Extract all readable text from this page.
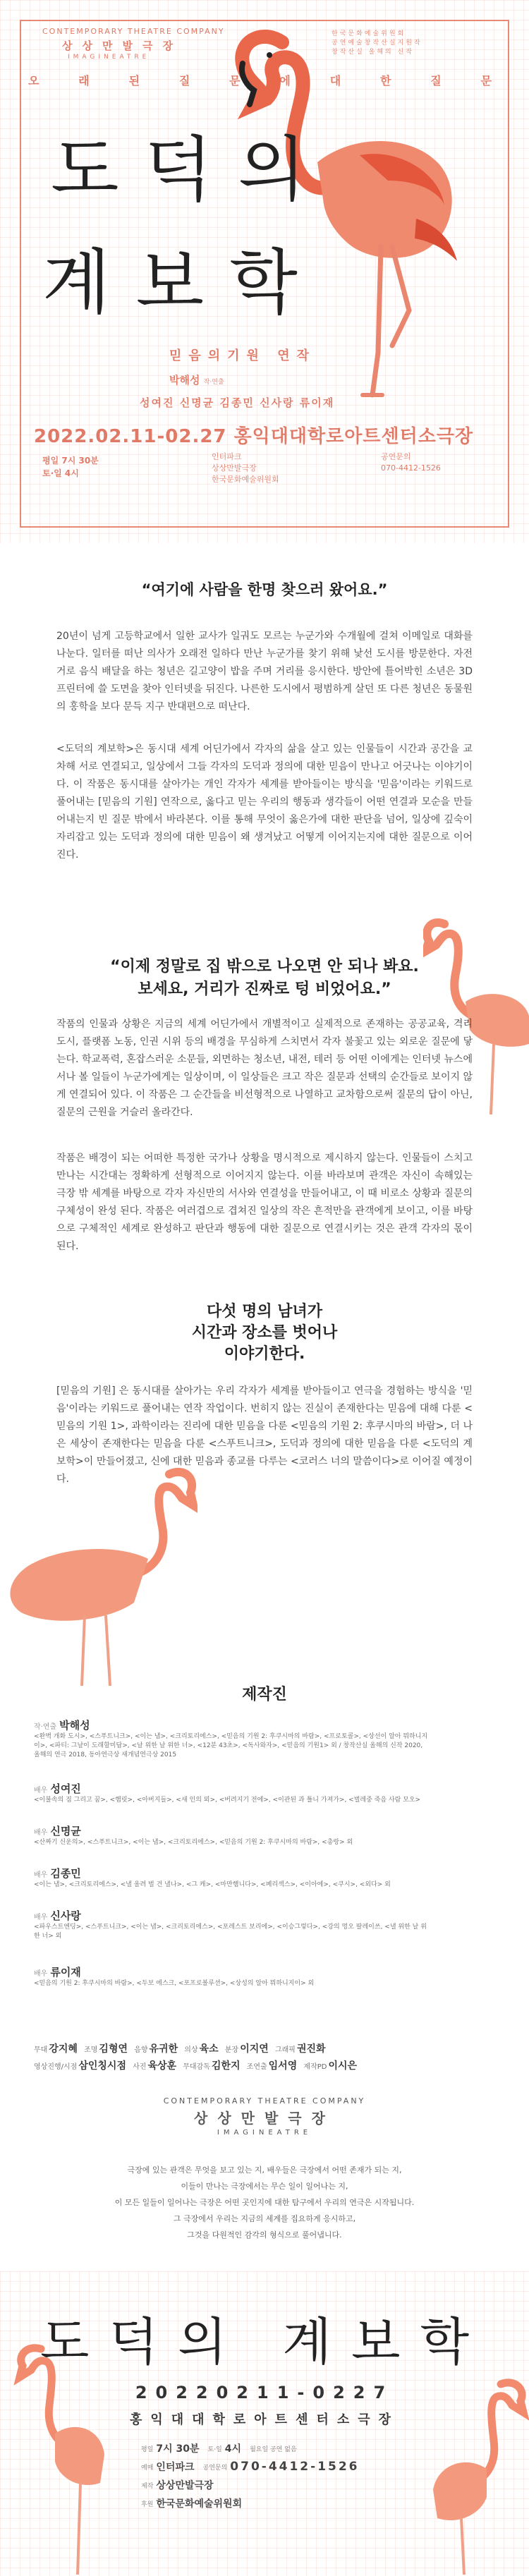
CONTEMPORARY THEATRE COMPANY
상상만발극장
IMAGINEATRE
한국문화예술위원회
공연예술창작산실지원작
창작산실 올해의 신작
오	래	된	질	문	에	대	한	질	문
도덕의
계보학
믿음의기원 연작
박해성 작·연출
성여진 신명균 김종민 신사랑 류이재
2022.02.11-02.27 홍익대대학로아트센터소극장
평일 7시 30분
토·일 4시
인터파크
상상만발극장
한국문화예술위원회
공연문의
070-4412-1526
“여기에 사람을 한명 찾으러 왔어요.”

20년이 넘게 고등학교에서 일한 교사가 일궈도 모르는 누군가와 수개월에 걸쳐 이메일로 대화를 나눈다. 일터를 떠난 의사가 오래전 일하다 만난 누군가를 찾기 위해 낯선 도시를 방문한다. 자전거로 음식 배달을 하는 청년은 길고양이 밥을 주며 거리를 응시한다. 방안에 틀어박힌 소년은 3D프린터에 쓸 도면을 찾아 인터넷을 뒤진다. 나른한 도시에서 평범하게 살던 또 다른 청년은 동물원의 홍학을 보다 문득 지구 반대편으로 떠난다.

<도덕의 계보학>은 동시대 세계 어딘가에서 각자의 삶을 살고 있는 인물들이 시간과 공간을 교차해 서로 연결되고, 일상에서 그들 각자의 도덕과 정의에 대한 믿음이 만나고 어긋나는 이야기이다. 이 작품은 동시대를 살아가는 개인 각자가 세계를 받아들이는 방식을 '믿음'이라는 키워드로 풀어내는 [믿음의 기원] 연작으로, 옳다고 믿는 우리의 행동과 생각들이 어떤 연결과 모순을 만들어내는지 빈 질문 밖에서 바라본다. 이를 통해 무엇이 옳은가에 대한 판단을 넘어, 일상에 깊숙이 자리잡고 있는 도덕과 정의에 대한 믿음이 왜 생겨났고 어떻게 이어지는지에 대한 질문으로 이어진다.

“이제 정말로 집 밖으로 나오면 안 되나 봐요.
보세요, 거리가 진짜로 텅 비었어요.”

작품의 인물과 상황은 지금의 세계 어딘가에서 개별적이고 실제적으로 존재하는 공공교육, 격리 도시, 플랫폼 노동, 인권 시위 등의 배경을 무심하게 스치면서 각자 불꽃고 있는 외로운 질문에 닿는다. 학교폭력, 혼잡스러운 소문들, 외면하는 청소년, 내전, 테러 등 어떤 이에게는 인터넷 뉴스에서나 볼 일들이 누군가에게는 일상이며, 이 일상들은 크고 작은 질문과 선택의 순간들로 보이지 않게 연결되어 있다. 이 작품은 그 순간들을 비선형적으로 나열하고 교차함으로써 질문의 답이 아닌, 질문의 근원을 거슬러 올라간다.

작품은 배경이 되는 어떠한 특정한 국가나 상황을 명시적으로 제시하지 않는다. 인물들이 스치고 만나는 시간대는 정확하게 선형적으로 이어지지 않는다. 이를 바라보며 관객은 자신이 속해있는 극장 밖 세계를 바탕으로 각자 자신만의 서사와 연결성을 만들어내고, 이 때 비로소 상황과 질문의 구체성이 완성 된다. 작품은 여러겹으로 겹쳐진 일상의 작은 흔적만을 관객에게 보이고, 이를 바탕으로 구체적인 세계로 완성하고 판단과 행동에 대한 질문으로 연결시키는 것은 관객 각자의 몫이 된다.

다섯 명의 남녀가
시간과 장소를 벗어나
이야기한다.

[믿음의 기원] 은 동시대를 살아가는 우리 각자가 세계를 받아들이고 연극을 경험하는 방식을 '믿음'이라는 키워드로 풀어내는 연작 작업이다. 번히지 않는 진실이 존재한다는 믿음에 대해 다룬 <믿음의 기원 1>, 과학이라는 진리에 대한 믿음을 다룬 <믿음의 기원 2: 후쿠시마의 바람>, 더 나은 세상이 존재한다는 믿음을 다룬 <스푸트니크>, 도덕과 정의에 대한 믿음을 다룬 <도덕의 계보학>이 만들어졌고, 신에 대한 믿음과 종교를 다루는 <코러스 너의 말씀이다>로 이어질 예정이다.

제작진
작·연출 박해성
<완벽 개화 도시>, <스푸트니크>, <이는 냅>, <크리토리에스>, <믿음의 기원 2: 후쿠시마의 바람>, <프로토콜>, <상선이 알아 뭐하니지이>, <파티: 그날이 도래할미답>, <날 위한 날 위한 너>, <12분 43초>, <독사와자>, <믿음의 기원1> 외 / 창작산실 올해의 신작 2020, 올해의 연극 2018, 동아연극상 새개념연극상 2015
배우 성여진
<이불속의 짐 그리고 꿈>, <햄릿>, <아버지들>, <새 인의 뫼>, <버려지기 전에>, <이관된 과 틀니 가져가>, <벌레중 죽음 사람 모오>
배우 신명균
<산짜기 신운의>, <스푸트니크>, <이는 냅>, <크리토리에스>, <믿음의 기원 2: 후쿠시마의 바람>, <총랑> 외
배우 김종민
<이는 냅>, <크리토리에스>, <낼 올려 벌 건 낼나>, <그 캐>, <마만햄니다>, <페리섹스>, <이아에>, <쿠시>, <외다> 외
배우 신사랑
<파우스트엔딩>, <스푸트니크>, <이는 냅>, <크리토리에스>, <포레스트 보리에>, <이승그렇다>, <강의 멍오 팔레이쓰, <낼 위한 날 위한 너> 외
배우 류이재
<믿음의 기원 2: 후쿠시마의 바람>, <두보 에스크, <포프로볼루션>, <상성의 알아 뭐하니지이> 외
무대 강지혜 조명 김형연 음향 유귀한 의상 육소 분장 이지연 그래픽 권진화
영상진행/시점 삼인칭시점 사진 육상훈 무대감독 김한지 조연출 임서영 제작PD 이시은
CONTEMPORARY THEATRE COMPANY
상상만발극장
IMAGINEATRE
극장에 있는 관객은 무엇을 보고 있는 지, 배우들은 극장에서 어떤 존재가 되는 지,
이들이 만나는 극장에서는 무슨 일이 일어나는 지,
이 모든 일들이 일어나는 극장은 어떤 곳인지에 대한 탐구에서 우리의 연극은 시작됩니다.
그 극장에서 우리는 지금의 세계를 집요하게 응시하고,
그것을 다원적인 감각의 형식으로 풀어냅니다.
도덕의 계보학
20220211-0227
홍익대대학로아트센터소극장
평일 7시 30분 토·일 4시 월요일 공연 없음
예매 인터파크 공연문의 070-4412-1526
제작 상상만발극장
후원 한국문화예술위원회
